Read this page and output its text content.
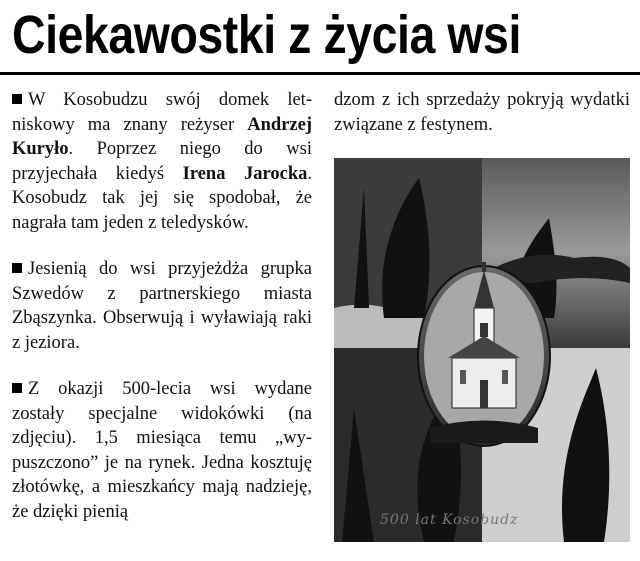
Ciekawostki z życia wsi

W Kosobudzu swój domek letniskowy ma znany reżyser Andrzej Kuryło. Poprzez niego do wsi przyjechała kiedyś Irena Jarocka. Kosobudz tak jej się spodobał, że nagrała tam jeden z teledysków.

Jesienią do wsi przyjeżdża grupka Szwedów z partnerskiego miasta Zbąszynka. Obserwują i wyławiają raki z jeziora.

Z okazji 500-lecia wsi wydane zostały specjalne widokówki (na zdjęciu). 1,5 miesiąca temu „wypuszczono” je na rynek. Jedna kosztuję złotówkę, a mieszkańcy mają nadzieję, że dzięki pienią

dzom z ich sprzedaży pokryją wydatki związane z festynem.

500 lat Kosobudz
